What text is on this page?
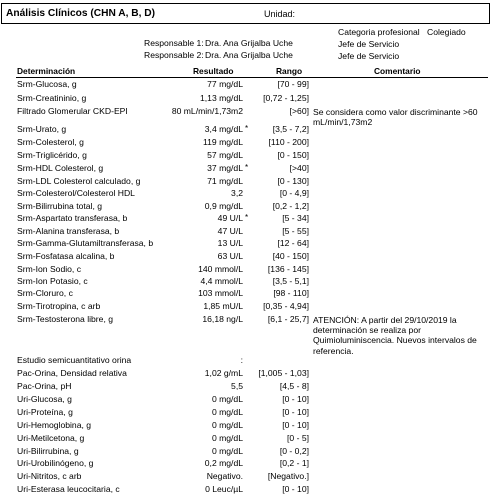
Análisis Clínicos (CHN A, B, D)	Unidad:
Responsable 1: Dra. Ana Grijalba Uche
Responsable 2: Dra. Ana Grijalba Uche
Categoria profesional Colegiado
Jefe de Servicio
Jefe de Servicio
Determinación	Resultado	Rango	Comentario
Srm-Glucosa, g	77 mg/dL	[70 - 99]
Srm-Creatininio, g	1,13 mg/dL [0,72 - 1,25]
Filtrado Glomerular CKD-EPI	80 mL/min/1,73m2	[>60] Se considera como valor discriminante >60 mL/min/1,73m2
Srm-Urato, g	3,4 mg/dL *	[3,5 - 7,2]
Srm-Colesterol, g	119 mg/dL	[110 - 200]
Srm-Triglicérido, g	57 mg/dL	[0 - 150]
Srm-HDL Colesterol, g	37 mg/dL *	[>40]
Srm-LDL Colesterol calculado, g	71 mg/dL	[0 - 130]
Srm-Colesterol/Colesterol HDL	3,2	[0 - 4,9]
Srm-Bilirrubina total, g	0,9 mg/dL	[0,2 - 1,2]
Srm-Aspartato transferasa, b	49 U/L *	[5 - 34]
Srm-Alanina transferasa, b	47 U/L	[5 - 55]
Srm-Gamma-Glutamiltransferasa, b	13 U/L	[12 - 64]
Srm-Fosfatasa alcalina, b	63 U/L	[40 - 150]
Srm-Ion Sodio, c	140 mmol/L	[136 - 145]
Srm-Ion Potasio, c	4,4 mmol/L	[3,5 - 5,1]
Srm-Cloruro, c	103 mmol/L	[98 - 110]
Srm-Tirotropina, c arb	1,85 mU/L [0,35 - 4,94]
Srm-Testosterona libre, g	16,18 ng/L	[6,1 - 25,7] ATENCIÓN: A partir del 29/10/2019 la determinación se realiza por Quimioluminiscencia. Nuevos intervalos de referencia.
Estudio semicuantitativo orina	:
Pac-Orina, Densidad relativa	1,02 g/mL [1,005 - 1,03]
Pac-Orina, pH	5,5	[4,5 - 8]
Uri-Glucosa, g	0 mg/dL	[0 - 10]
Uri-Proteína, g	0 mg/dL	[0 - 10]
Uri-Hemoglobina, g	0 mg/dL	[0 - 10]
Uri-Metilcetona, g	0 mg/dL	[0 - 5]
Uri-Bilirrubina, g	0 mg/dL	[0 - 0,2]
Uri-Urobilinógeno, g	0,2 mg/dL	[0,2 - 1]
Uri-Nitritos, c arb	Negativo.	[Negativo.]
Uri-Esterasa leucocitaria, c	0 Leuc/µL	[0 - 10]
